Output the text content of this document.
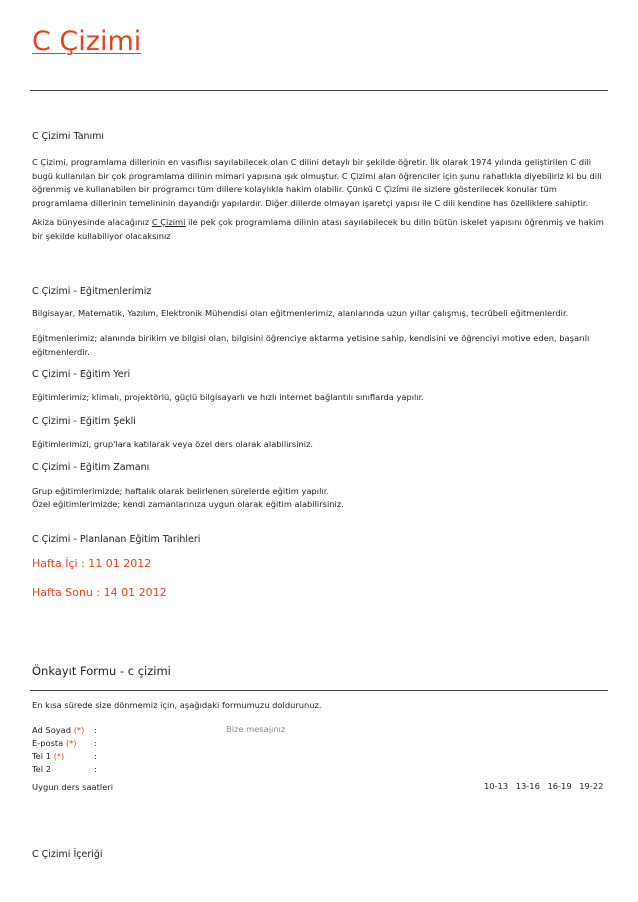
C Çizimi
C Çizimi Tanımı
C Çizimi, programlama dillerinin en vasıflısı sayılabilecek olan C dilini detaylı bir şekilde öğretir. İlk olarak 1974 yılında geliştirilen C dili bugü kullanılan bir çok programlama dilinin mimari yapısına ışık olmuştur. C Çizimi alan öğrenciler için şunu rahatlıkla diyebiliriz ki bu dili öğrenmiş ve kullanabilen bir programcı tüm dillere kolaylıkla hakim olabilir. Çünkü C Çizimi ile sizlere gösterilecek konular tüm programlama dillerinin temelininin dayandığı yapılardır. Diğer dillerde olmayan işaretçi yapısı ile C dili kendine has özelliklere sahiptir.
Akiza bünyesinde alacağınız C Çizimi ile pek çok programlama dilinin atası sayılabilecek bu dilin bütün iskelet yapısını öğrenmiş ve hakim bir şekilde kullabiliyor olacaksınız
C Çizimi - Eğitmenlerimiz
Bilgisayar, Matematik, Yazılım, Elektronik Mühendisi olan eğitmenlerimiz, alanlarında uzun yıllar çalışmış, tecrübeli eğitmenlerdir.
Eğitmenlerimiz; alanında birikim ve bilgisi olan, bilgisini öğrenciye aktarma yetisine sahip, kendisini ve öğrenciyi motive eden, başarılı eğitmenlerdir.
C Çizimi - Eğitim Yeri
Eğitimlerimiz; klimalı, projektörlü, güçlü bilgisayarlı ve hızlı internet bağlantılı sınıflarda yapılır.
C Çizimi - Eğitim Şekli
Eğitimlerimizi, grup'lara katılarak veya özel ders olarak alabilirsiniz.
C Çizimi - Eğitim Zamanı
Grup eğitimlerimizde; haftalık olarak belirlenen sürelerde eğitim yapılır.
Özel eğitimlerimizde; kendi zamanlarınıza uygun olarak eğitim alabilirsiniz.
C Çizimi - Planlanan Eğitim Tarihleri
Hafta İçi : 11 01 2012
Hafta Sonu : 14 01 2012
Önkayıt Formu - c çizimi
En kısa sürede size dönmemiz için, aşağıdaki formumuzu doldurunuz.
Ad Soyad (*) :
E-posta (*) :
Tel 1 (*)	:
Tel 2	:
Bize mesajınız
Uygun ders saatleri	10-13 13-16 16-19 19-22
C Çizimi İçeriği
